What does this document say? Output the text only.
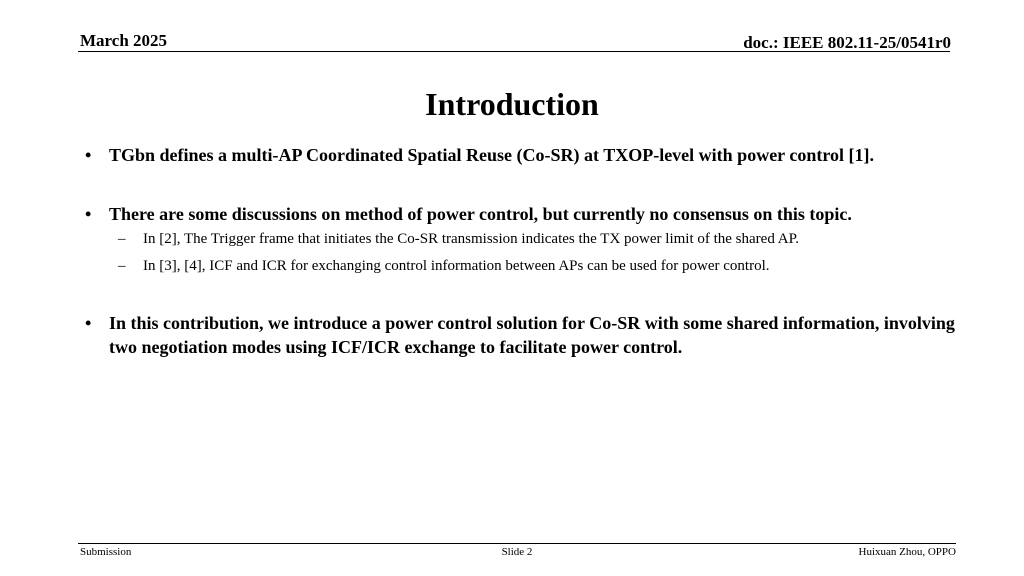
March 2025	doc.: IEEE 802.11-25/0541r0
Introduction
• TGbn defines a multi-AP Coordinated Spatial Reuse (Co-SR) at TXOP-level with power control [1].
• There are some discussions on method of power control, but currently no consensus on this topic.
– In [2], The Trigger frame that initiates the Co-SR transmission indicates the TX power limit of the shared AP.
– In [3], [4], ICF and ICR for exchanging control information between APs can be used for power control.
• In this contribution, we introduce a power control solution for Co-SR with some shared information, involving two negotiation modes using ICF/ICR exchange to facilitate power control.
Submission	Slide 2	Huixuan Zhou, OPPO
